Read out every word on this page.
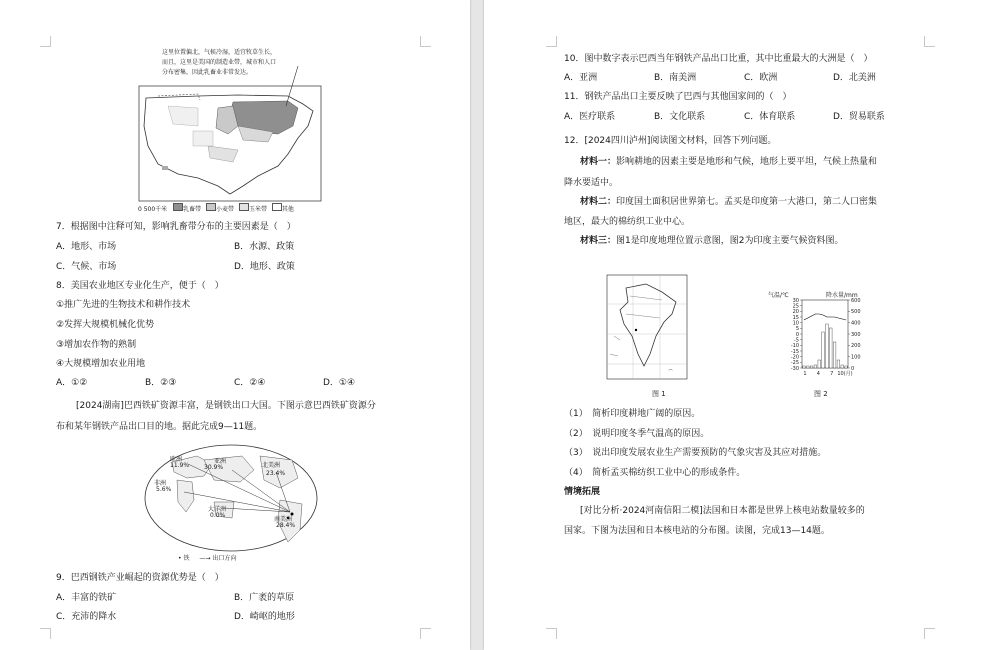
这里位置偏北，气候冷湿，适宜牧草生长，
而且，这里是美国的制造业带，城市和人口
分布密集，因此乳畜业非常发达。
0 500千米	乳畜带 小麦带 玉米带 其他
7．根据图中注释可知，影响乳畜带分布的主要因素是（　）
A．地形、市场	B．水源、政策
C．气候、市场	D．地形、政策
8．美国农业地区专业化生产，便于（　）
①推广先进的生物技术和耕作技术
②发挥大规模机械化优势
③增加农作物的熟制
④大规模增加农业用地
A．①②	B．②③	C．②④	D．①④
[2024湖南]巴西铁矿资源丰富，是钢铁出口大国。下图示意巴西铁矿资源分
布和某年钢铁产品出口目的地。据此完成9—11题。
欧洲
11.9%
亚洲
30.9%	北美洲
23.4%
非洲
5.6%
大洋洲
0.0%
南美洲
28.4%
• 铁 —→ 出口方向
9．巴西钢铁产业崛起的资源优势是（　）
A．丰富的铁矿	B．广袤的草原
C．充沛的降水	D．崎岖的地形
10．图中数字表示巴西当年钢铁产品出口比重，其中比重最大的大洲是（　）
A．亚洲	B．南美洲	C．欧洲	D．北美洲
11．钢铁产品出口主要反映了巴西与其他国家间的（　）
A．医疗联系	B．文化联系	C．体育联系	D．贸易联系
12．[2024四川泸州]阅读图文材料，回答下列问题。
材料一：影响耕地的因素主要是地形和气候，地形上要平坦，气候上热量和
降水要适中。
材料二：印度国土面积居世界第七。孟买是印度第一大港口，第二人口密集
地区，最大的棉纺织工业中心。
材料三：图1是印度地理位置示意图，图2为印度主要气候资料图。
⌒
气温/℃	降水量/mm
30
25
20
15
10
5
0
-5
-10
-15
-20
-25
-30
600
500
400
300
200
100
0
1 4 7 10(月)
图 1	图 2
（1）　简析印度耕地广阔的原因。
（2）　说明印度冬季气温高的原因。
（3）　说出印度发展农业生产需要预防的气象灾害及其应对措施。
（4）　简析孟买棉纺织工业中心的形成条件。
情境拓展
[对比分析·2024河南信阳二模]法国和日本都是世界上核电站数量较多的
国家。下图为法国和日本核电站的分布图。读图，完成13—14题。
